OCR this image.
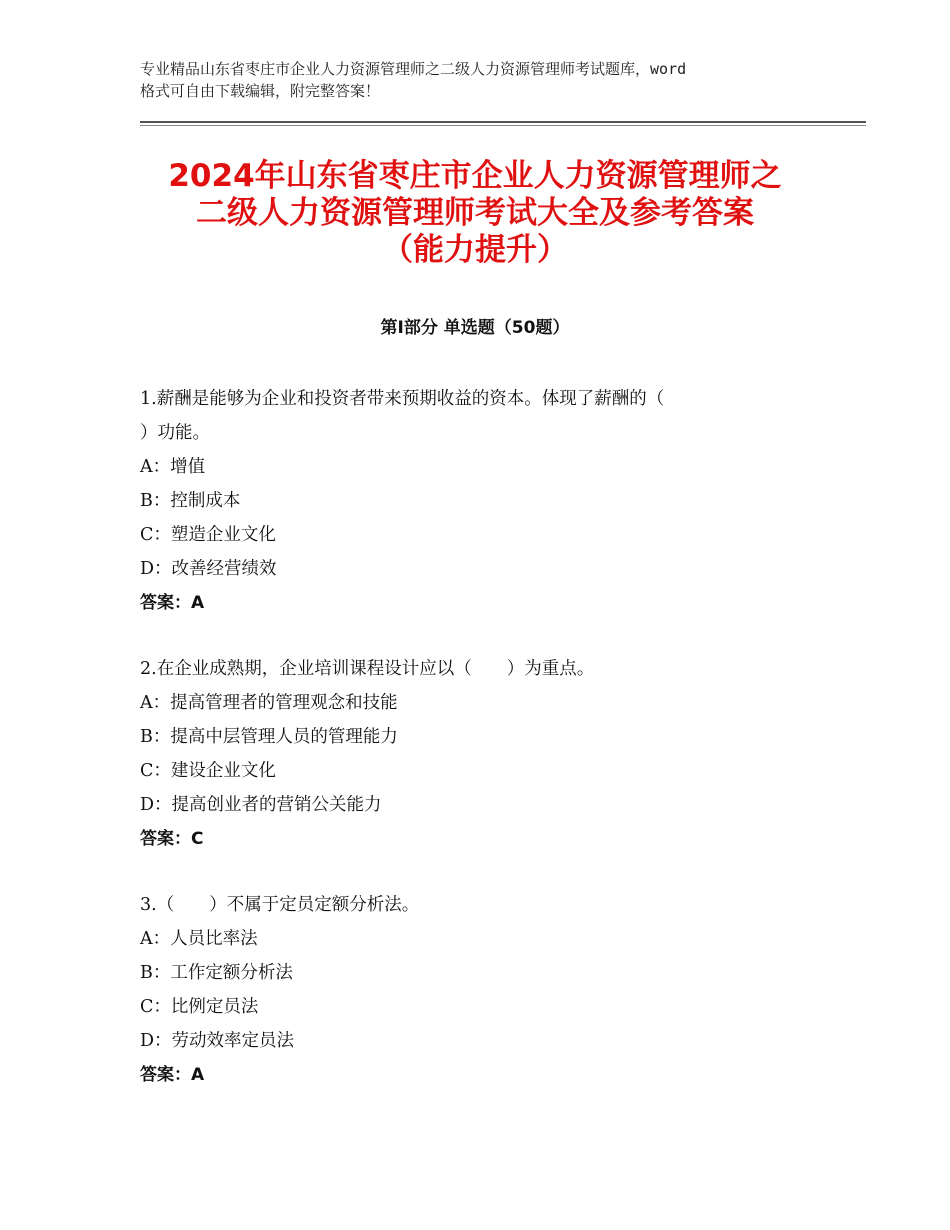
专业精品山东省枣庄市企业人力资源管理师之二级人力资源管理师考试题库，word
格式可自由下载编辑，附完整答案！
2024年山东省枣庄市企业人力资源管理师之
二级人力资源管理师考试大全及参考答案
（能力提升）
第Ⅰ部分 单选题（50题）
1.薪酬是能够为企业和投资者带来预期收益的资本。体现了薪酬的（
）功能。
A：增值
B：控制成本
C：塑造企业文化
D：改善经营绩效
答案：A
2.在企业成熟期，企业培训课程设计应以（　　）为重点。
A：提高管理者的管理观念和技能
B：提高中层管理人员的管理能力
C：建设企业文化
D：提高创业者的营销公关能力
答案：C
3.（　　）不属于定员定额分析法。
A：人员比率法
B：工作定额分析法
C：比例定员法
D：劳动效率定员法
答案：A
